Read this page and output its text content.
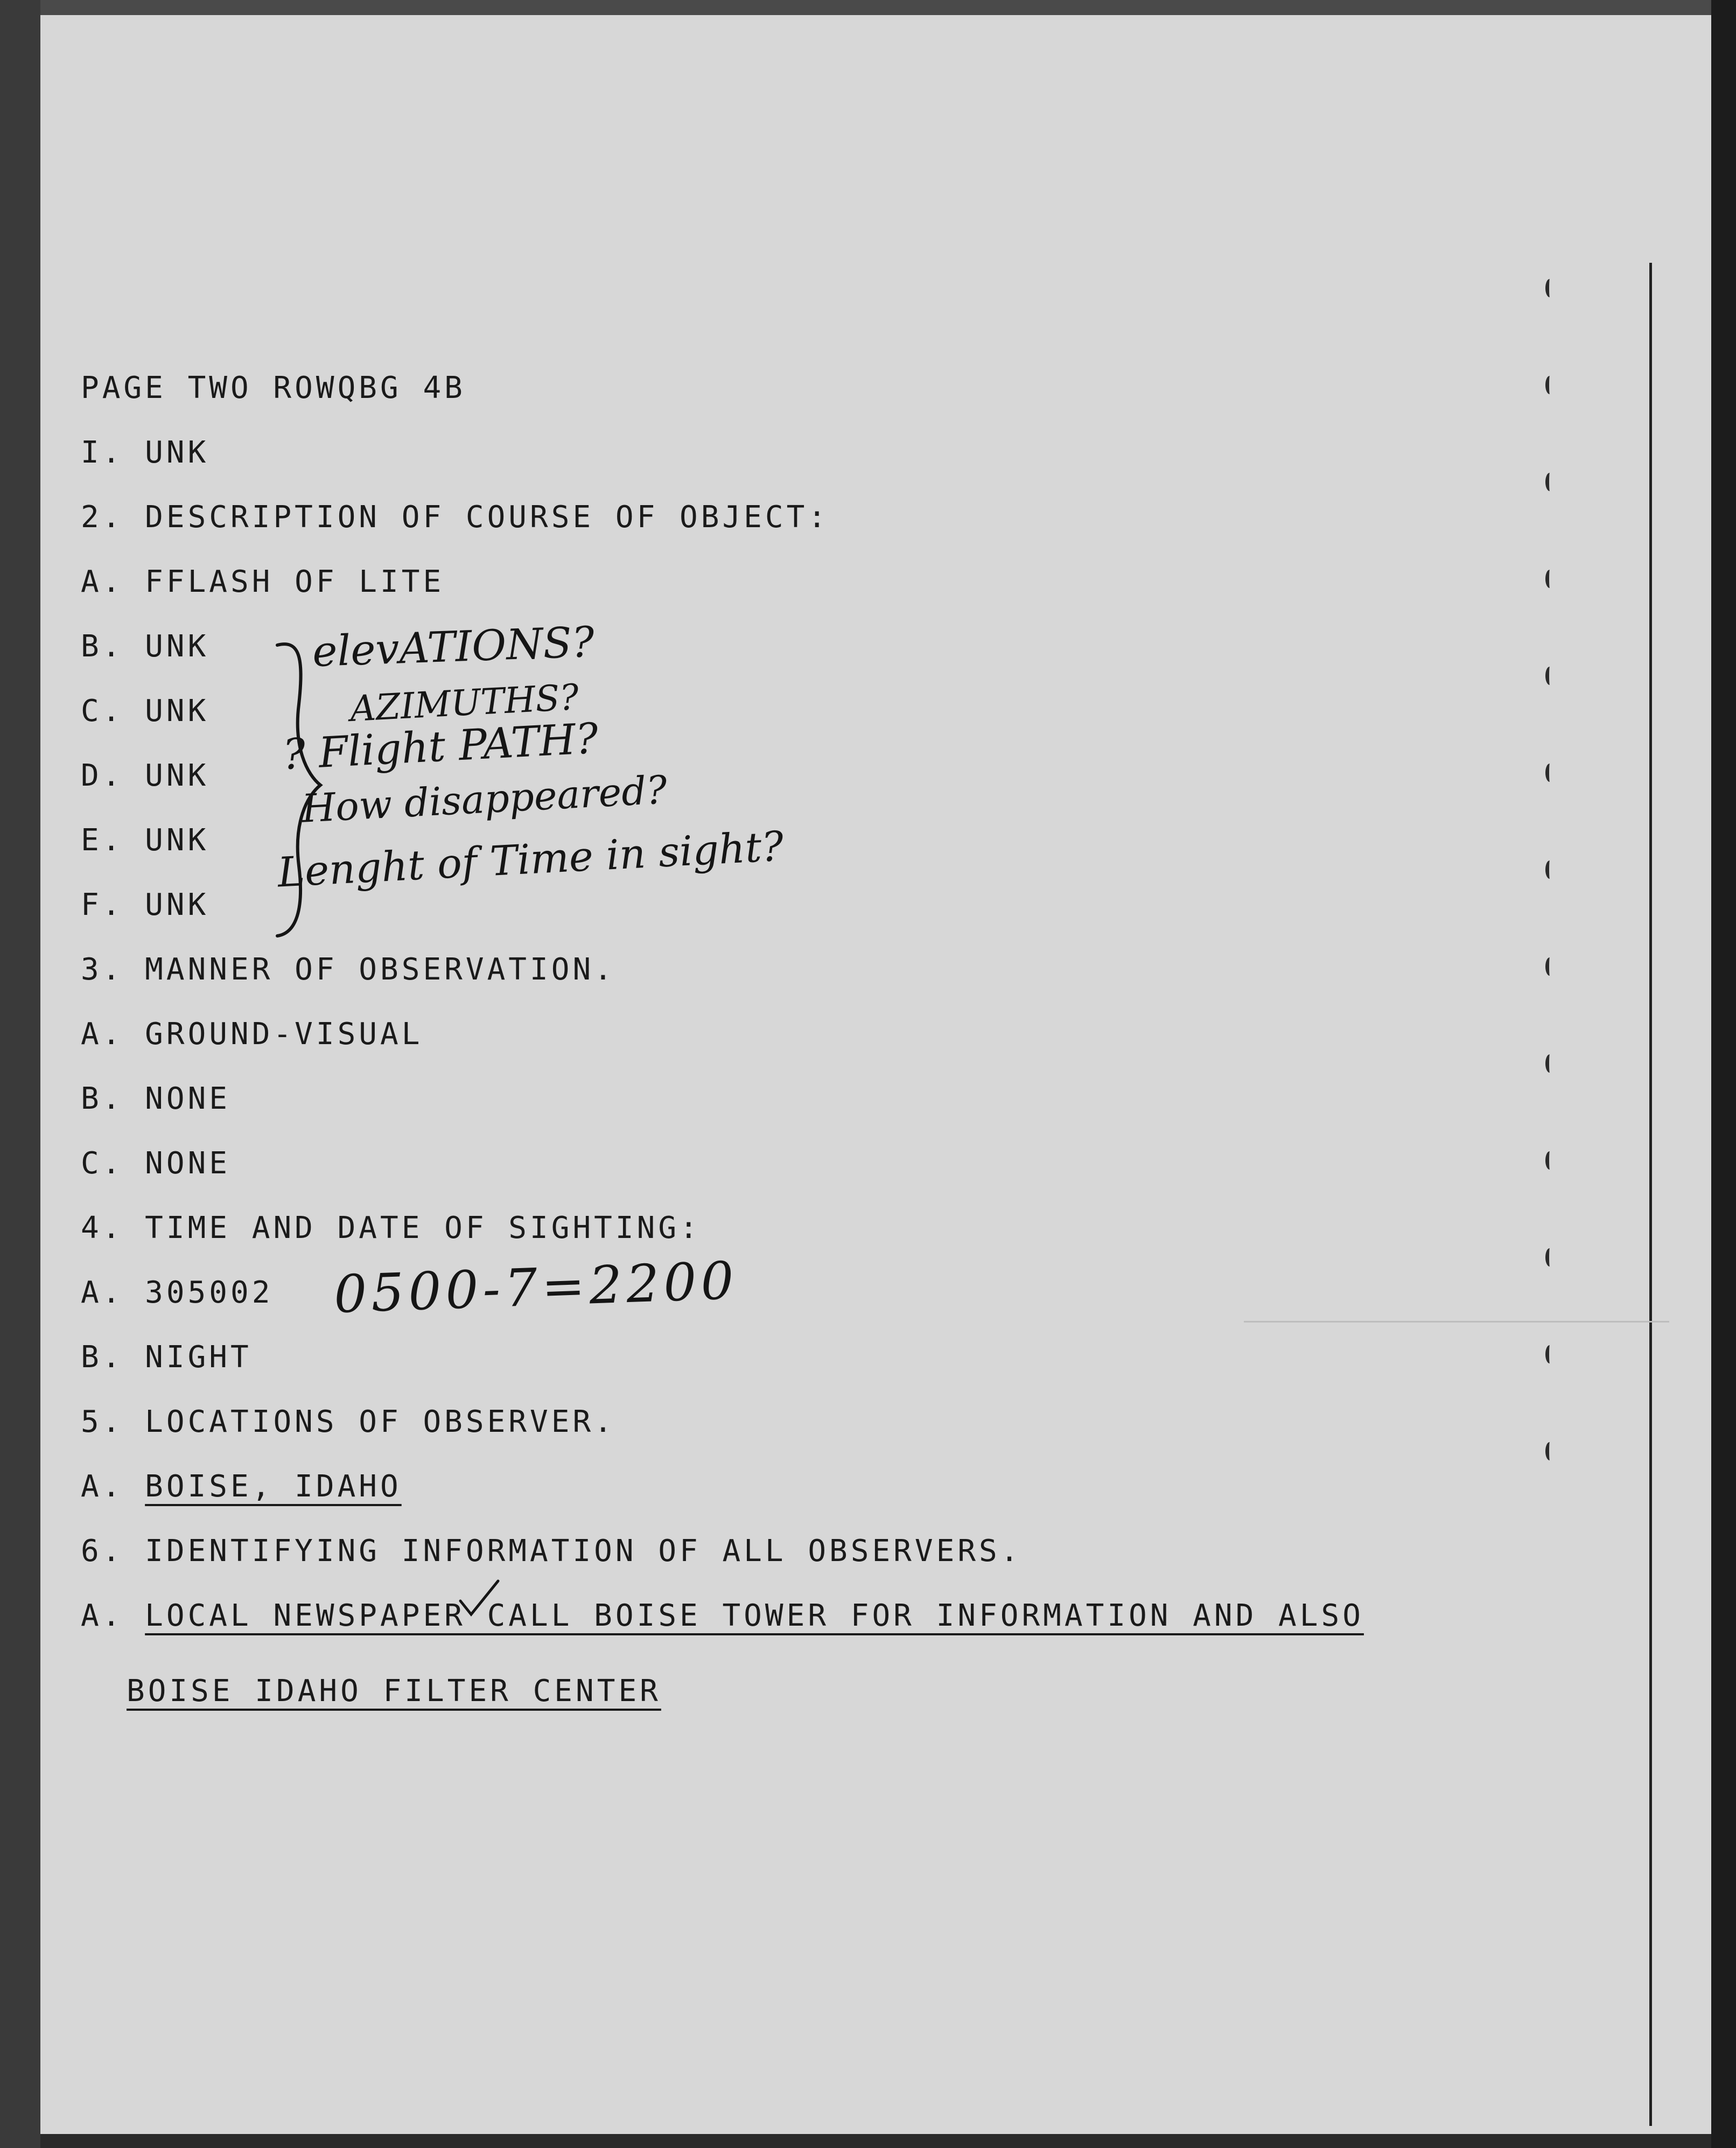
PAGE TWO ROWQBG 4B

I. UNK

2. DESCRIPTION OF COURSE OF OBJECT:

A. FFLASH OF LITE

B. UNK

C. UNK

D. UNK

E. UNK

F. UNK

3. MANNER OF OBSERVATION.

A. GROUND-VISUAL

B. NONE

C. NONE

4. TIME AND DATE OF SIGHTING:

A. 305002

B. NIGHT

5. LOCATIONS OF OBSERVER.

A. BOISE, IDAHO

6. IDENTIFYING INFORMATION OF ALL OBSERVERS.

A. LOCAL NEWSPAPER CALL BOISE TOWER FOR INFORMATION AND ALSO

BOISE IDAHO FILTER CENTER

elevATIONS?

AZIMUTHS?

? Flight PATH?

How disappeared?

Lenght of Time in sight?

0500-7=2200
